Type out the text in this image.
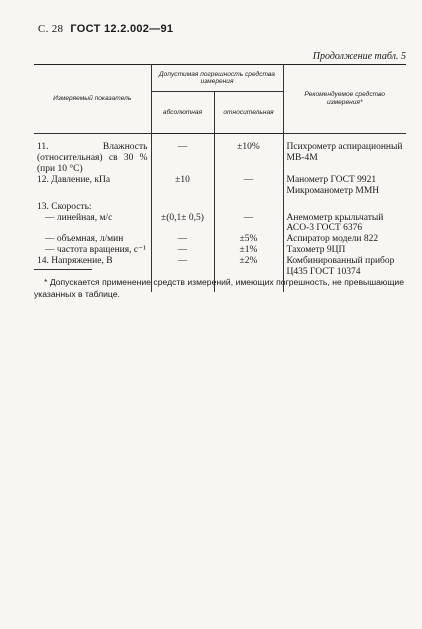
С. 28 ГОСТ 12.2.002—91
Продолжение табл. 5
Измеряемый показатель	Допустимая погрешность средства измерения		Рекомендуемое средство измерения*
	абсолютная	относительная	
11. Влажность (относительная) св 30 % (при 10 °С)	—	±10%	Психрометр аспирационный МВ-4М
12. Давление, кПа	±10	—	Манометр ГОСТ 9921 Микроманометр ММН
13. Скорость:			

— линейная, м/с	±(0,1± 0,5)	—	Анемометр крыльчатый АСО-3 ГОСТ 6376

— объемная, л/мин	—	±5%	Аспиратор модели 822

— частота вращения, с⁻¹	—	±1%	Тахометр 9ЦП
14. Напряжение, В	—	±2%	Комбинированный прибор Ц435 ГОСТ 10374
* Допускается применение средств измерений, имеющих погрешность, не превышающие указанных в таблице.
